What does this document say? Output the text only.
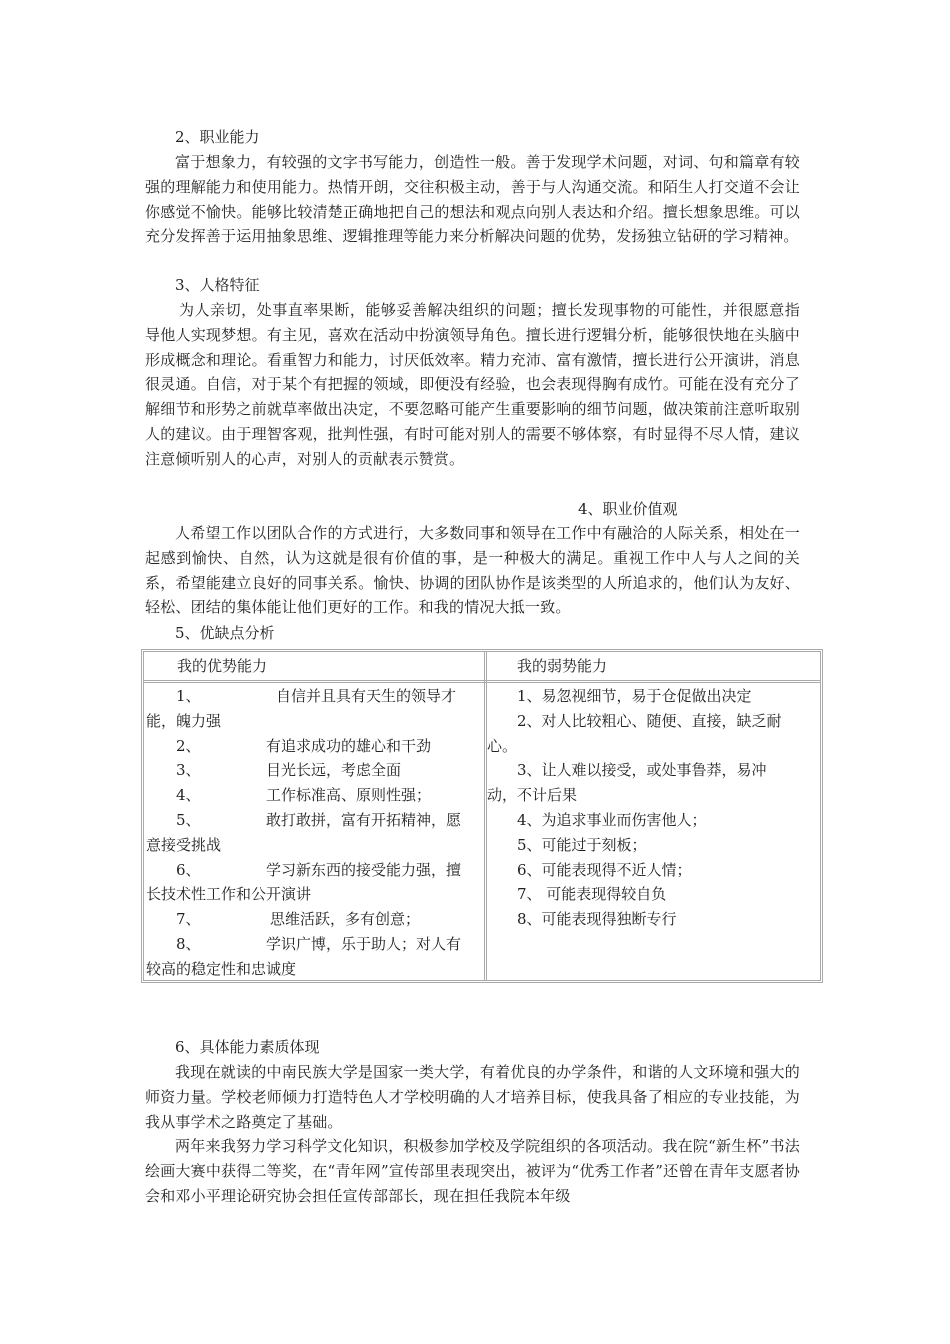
2、职业能力
富于想象力，有较强的文字书写能力，创造性一般。善于发现学术问题，对词、句和篇章有较强的理解能力和使用能力。热情开朗，交往积极主动，善于与人沟通交流。和陌生人打交道不会让你感觉不愉快。能够比较清楚正确地把自己的想法和观点向别人表达和介绍。擅长想象思维。可以充分发挥善于运用抽象思维、逻辑推理等能力来分析解决问题的优势，发扬独立钻研的学习精神。
3、人格特征
为人亲切，处事直率果断，能够妥善解决组织的问题；擅长发现事物的可能性，并很愿意指导他人实现梦想。有主见，喜欢在活动中扮演领导角色。擅长进行逻辑分析，能够很快地在头脑中形成概念和理论。看重智力和能力，讨厌低效率。精力充沛、富有激情，擅长进行公开演讲，消息很灵通。自信，对于某个有把握的领域，即便没有经验，也会表现得胸有成竹。可能在没有充分了解细节和形势之前就草率做出决定，不要忽略可能产生重要影响的细节问题，做决策前注意听取别人的建议。由于理智客观，批判性强，有时可能对别人的需要不够体察，有时显得不尽人情，建议注意倾听别人的心声，对别人的贡献表示赞赏。
4、职业价值观
人希望工作以团队合作的方式进行，大多数同事和领导在工作中有融洽的人际关系，相处在一起感到愉快、自然，认为这就是很有价值的事，是一种极大的满足。重视工作中人与人之间的关系，希望能建立良好的同事关系。愉快、协调的团队协作是该类型的人所追求的，他们认为友好、轻松、团结的集体能让他们更好的工作。和我的情况大抵一致。
5、优缺点分析
我的优势能力	我的弱势能力
1、	自信并且具有天生的领导才
能，魄力强
2、	有追求成功的雄心和干劲
3、	目光长远，考虑全面
4、	工作标准高、原则性强；
5、	敢打敢拼，富有开拓精神，愿
意接受挑战
6、	学习新东西的接受能力强，擅
长技术性工作和公开演讲
7、	思维活跃，多有创意；
8、	学识广博，乐于助人；对人有
较高的稳定性和忠诚度
1、易忽视细节，易于仓促做出决定
2、对人比较粗心、随便、直接，缺乏耐
心。
3、让人难以接受，或处事鲁莽，易冲
动，不计后果
4、为追求事业而伤害他人；
5、可能过于刻板；
6、可能表现得不近人情；
7、 可能表现得较自负
8、可能表现得独断专行
6、具体能力素质体现
我现在就读的中南民族大学是国家一类大学，有着优良的办学条件，和谐的人文环境和强大的师资力量。学校老师倾力打造特色人才学校明确的人才培养目标，使我具备了相应的专业技能，为我从事学术之路奠定了基础。
两年来我努力学习科学文化知识，积极参加学校及学院组织的各项活动。我在院“新生杯”书法绘画大赛中获得二等奖，在“青年网”宣传部里表现突出，被评为“优秀工作者”还曾在青年支愿者协会和邓小平理论研究协会担任宣传部部长，现在担任我院本年级
